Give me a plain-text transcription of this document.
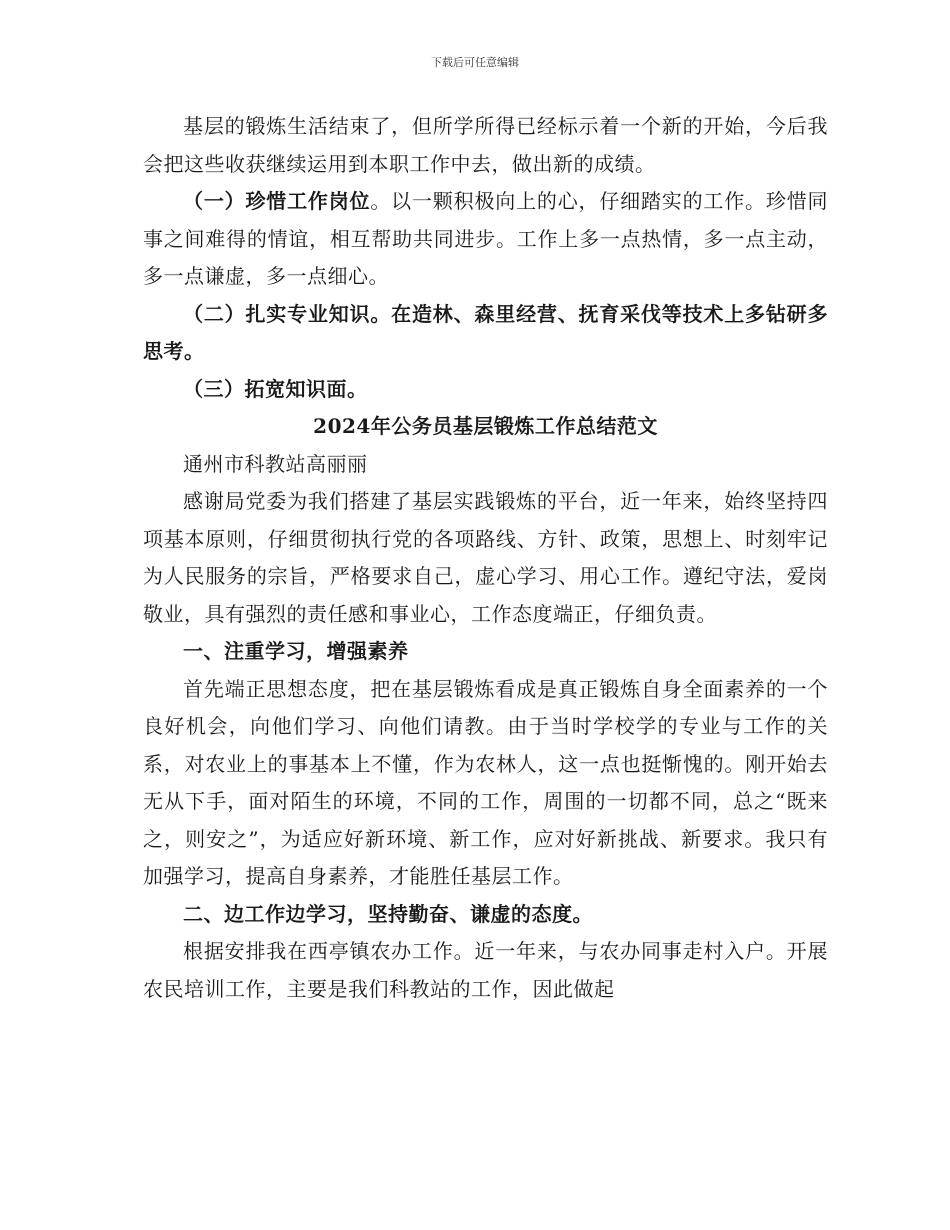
下载后可任意编辑

基层的锻炼生活结束了，但所学所得已经标示着一个新的开始，今后我会把这些收获继续运用到本职工作中去，做出新的成绩。

（一）珍惜工作岗位。以一颗积极向上的心，仔细踏实的工作。珍惜同事之间难得的情谊，相互帮助共同进步。工作上多一点热情，多一点主动，多一点谦虚，多一点细心。

（二）扎实专业知识。在造林、森里经营、抚育采伐等技术上多钻研多思考。

（三）拓宽知识面。

2024年公务员基层锻炼工作总结范文

通州市科教站高丽丽

感谢局党委为我们搭建了基层实践锻炼的平台，近一年来，始终坚持四项基本原则，仔细贯彻执行党的各项路线、方针、政策，思想上、时刻牢记为人民服务的宗旨，严格要求自己，虚心学习、用心工作。遵纪守法，爱岗敬业，具有强烈的责任感和事业心，工作态度端正，仔细负责。

一、注重学习，增强素养

首先端正思想态度，把在基层锻炼看成是真正锻炼自身全面素养的一个良好机会，向他们学习、向他们请教。由于当时学校学的专业与工作的关系，对农业上的事基本上不懂，作为农林人，这一点也挺惭愧的。刚开始去无从下手，面对陌生的环境，不同的工作，周围的一切都不同，总之“既来之，则安之”，为适应好新环境、新工作，应对好新挑战、新要求。我只有加强学习，提高自身素养，才能胜任基层工作。

二、边工作边学习，坚持勤奋、谦虚的态度。

根据安排我在西亭镇农办工作。近一年来，与农办同事走村入户。开展农民培训工作，主要是我们科教站的工作，因此做起
